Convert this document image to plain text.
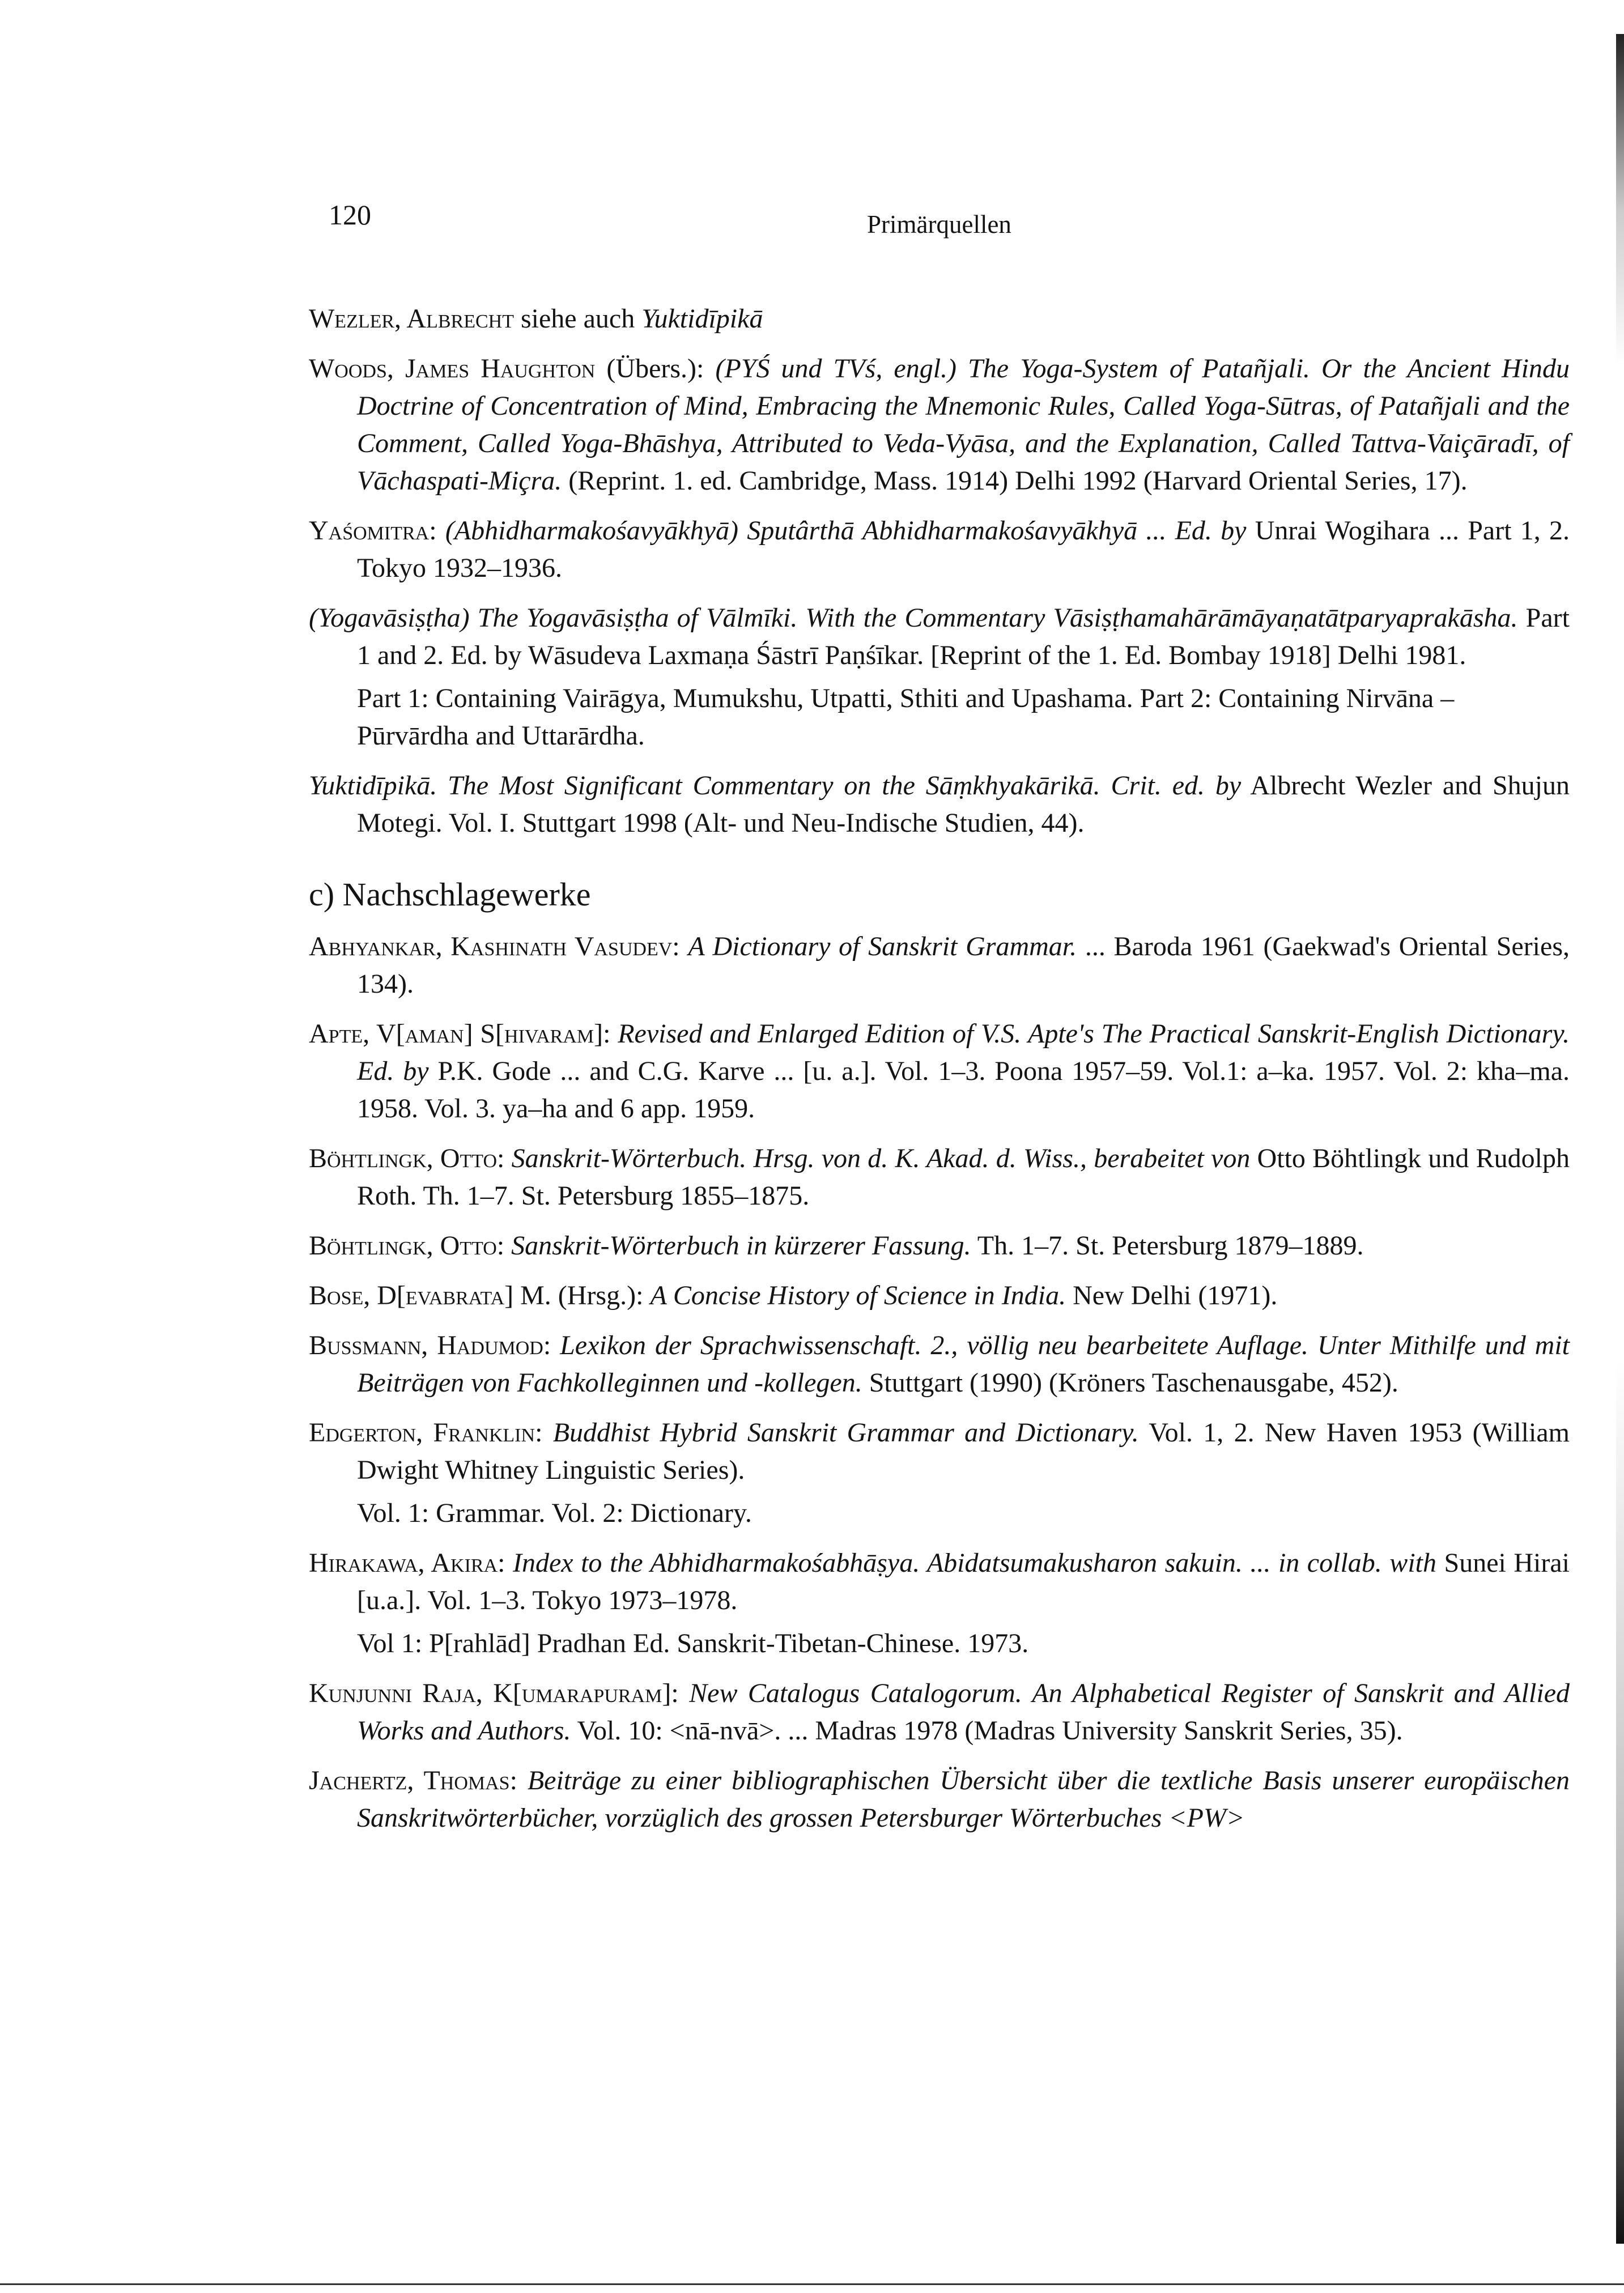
120	Primärquellen
Wezler, Albrecht siehe auch Yuktidīpikā
Woods, James Haughton (Übers.): (PYŚ und TVś, engl.) The Yoga-System of Patañjali. Or the Ancient Hindu Doctrine of Concentration of Mind, Embracing the Mnemonic Rules, Called Yoga-Sūtras, of Patañjali and the Comment, Called Yoga-Bhāshya, Attributed to Veda-Vyāsa, and the Explanation, Called Tattva-Vaiçāradī, of Vāchaspati-Miçra. (Reprint. 1. ed. Cambridge, Mass. 1914) Delhi 1992 (Harvard Oriental Series, 17).
Yaśomitra: (Abhidharmakośavyākhyā) Sputârthā Abhidharmakośavyākhyā ... Ed. by Unrai Wogihara ... Part 1, 2. Tokyo 1932–1936.
(Yogavāsiṣṭha) The Yogavāsiṣṭha of Vālmīki. With the Commentary Vāsiṣṭhamahārāmāyaṇatātparyaprakāsha. Part 1 and 2. Ed. by Wāsudeva Laxmaṇa Śāstrī Paṇśīkar. [Reprint of the 1. Ed. Bombay 1918] Delhi 1981.
Part 1: Containing Vairāgya, Mumukshu, Utpatti, Sthiti and Upashama. Part 2: Containing Nirvāna – Pūrvārdha and Uttarārdha.
Yuktidīpikā. The Most Significant Commentary on the Sāṃkhyakārikā. Crit. ed. by Albrecht Wezler and Shujun Motegi. Vol. I. Stuttgart 1998 (Alt- und Neu-Indische Studien, 44).
c) Nachschlagewerke
Abhyankar, Kashinath Vasudev: A Dictionary of Sanskrit Grammar. ... Baroda 1961 (Gaekwad's Oriental Series, 134).
Apte, V[aman] S[hivaram]: Revised and Enlarged Edition of V.S. Apte's The Practical Sanskrit-English Dictionary. Ed. by P.K. Gode ... and C.G. Karve ... [u. a.]. Vol. 1–3. Poona 1957–59. Vol.1: a–ka. 1957. Vol. 2: kha–ma. 1958. Vol. 3. ya–ha and 6 app. 1959.
Böhtlingk, Otto: Sanskrit-Wörterbuch. Hrsg. von d. K. Akad. d. Wiss., berabeitet von Otto Böhtlingk und Rudolph Roth. Th. 1–7. St. Petersburg 1855–1875.
Böhtlingk, Otto: Sanskrit-Wörterbuch in kürzerer Fassung. Th. 1–7. St. Petersburg 1879–1889.
Bose, D[evabrata] M. (Hrsg.): A Concise History of Science in India. New Delhi (1971).
Bussmann, Hadumod: Lexikon der Sprachwissenschaft. 2., völlig neu bearbeitete Auflage. Unter Mithilfe und mit Beiträgen von Fachkolleginnen und -kollegen. Stuttgart (1990) (Kröners Taschenausgabe, 452).
Edgerton, Franklin: Buddhist Hybrid Sanskrit Grammar and Dictionary. Vol. 1, 2. New Haven 1953 (William Dwight Whitney Linguistic Series).
Vol. 1: Grammar. Vol. 2: Dictionary.
Hirakawa, Akira: Index to the Abhidharmakośabhāṣya. Abidatsumakusharon sakuin. ... in collab. with Sunei Hirai [u.a.]. Vol. 1–3. Tokyo 1973–1978.
Vol 1: P[rahlād] Pradhan Ed. Sanskrit-Tibetan-Chinese. 1973.
Kunjunni Raja, K[umarapuram]: New Catalogus Catalogorum. An Alphabetical Register of Sanskrit and Allied Works and Authors. Vol. 10: <nā-nvā>. ... Madras 1978 (Madras University Sanskrit Series, 35).
Jachertz, Thomas: Beiträge zu einer bibliographischen Übersicht über die textliche Basis unserer europäischen Sanskritwörterbücher, vorzüglich des grossen Petersburger Wörterbuches <PW>
